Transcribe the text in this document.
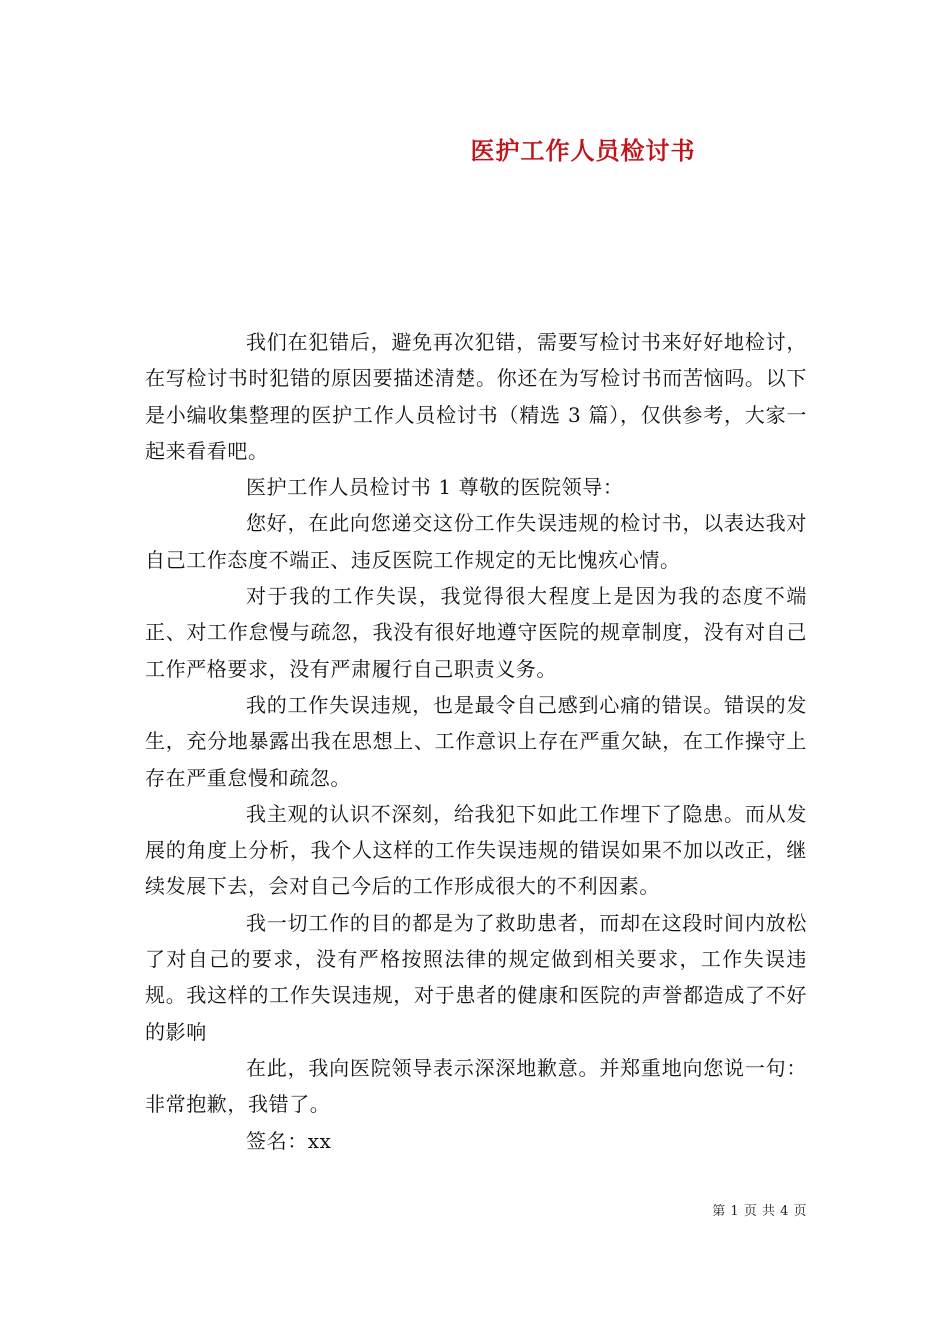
医护工作人员检讨书

我们在犯错后，避免再次犯错，需要写检讨书来好好地检讨，在写检讨书时犯错的原因要描述清楚。你还在为写检讨书而苦恼吗。以下是小编收集整理的医护工作人员检讨书（精选 3 篇），仅供参考，大家一起来看看吧。

医护工作人员检讨书 1 尊敬的医院领导：

您好，在此向您递交这份工作失误违规的检讨书，以表达我对自己工作态度不端正、违反医院工作规定的无比愧疚心情。

对于我的工作失误，我觉得很大程度上是因为我的态度不端正、对工作怠慢与疏忽，我没有很好地遵守医院的规章制度，没有对自己工作严格要求，没有严肃履行自己职责义务。

我的工作失误违规，也是最令自己感到心痛的错误。错误的发生，充分地暴露出我在思想上、工作意识上存在严重欠缺，在工作操守上存在严重怠慢和疏忽。

我主观的认识不深刻，给我犯下如此工作埋下了隐患。而从发展的角度上分析，我个人这样的工作失误违规的错误如果不加以改正，继续发展下去，会对自己今后的工作形成很大的不利因素。

我一切工作的目的都是为了救助患者，而却在这段时间内放松了对自己的要求，没有严格按照法律的规定做到相关要求，工作失误违规。我这样的工作失误违规，对于患者的健康和医院的声誉都造成了不好的影响

在此，我向医院领导表示深深地歉意。并郑重地向您说一句：非常抱歉，我错了。

签名：xx

第 1 页 共 4 页
